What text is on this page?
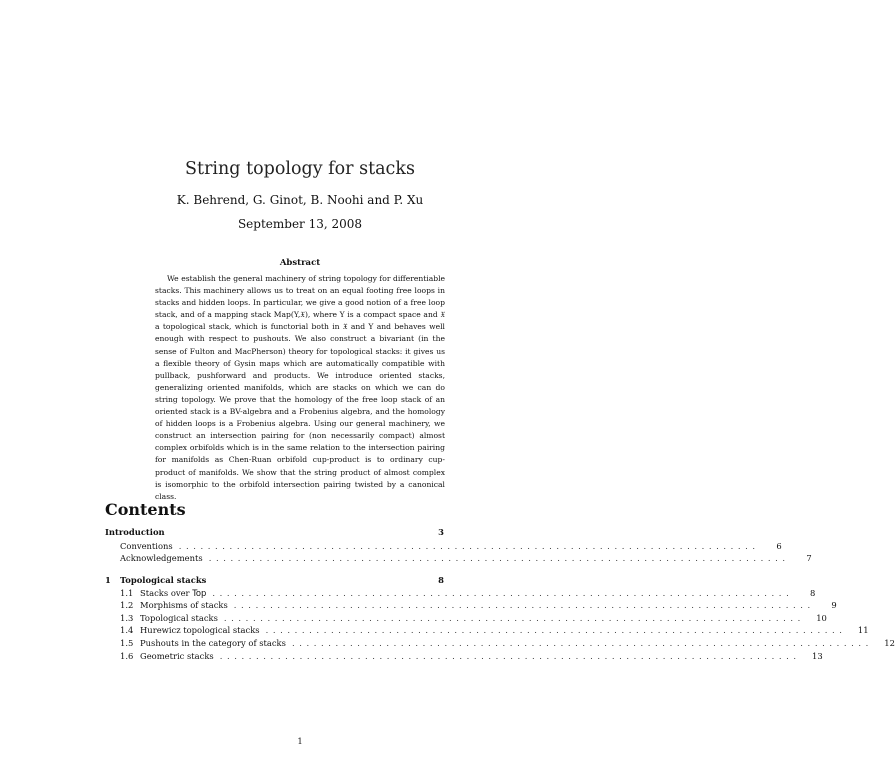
String topology for stacks
K. Behrend, G. Ginot, B. Noohi and P. Xu
September 13, 2008
Abstract

We establish the general machinery of string topology for differentiable stacks. This machinery allows us to treat on an equal footing free loops in stacks and hidden loops. In particular, we give a good notion of a free loop stack, and of a mapping stack Map(Y,𝔛), where Y is a compact space and 𝔛 a topological stack, which is functorial both in 𝔛 and Y and behaves well enough with respect to pushouts. We also construct a bivariant (in the sense of Fulton and MacPherson) theory for topological stacks: it gives us a flexible theory of Gysin maps which are automatically compatible with pullback, pushforward and products. We introduce oriented stacks, generalizing oriented manifolds, which are stacks on which we can do string topology. We prove that the homology of the free loop stack of an oriented stack is a BV-algebra and a Frobenius algebra, and the homology of hidden loops is a Frobenius algebra. Using our general machinery, we construct an intersection pairing for (non necessarily compact) almost complex orbifolds which is in the same relation to the intersection pairing for manifolds as Chen-Ruan orbifold cup-product is to ordinary cup-product of manifolds. We show that the string product of almost complex is isomorphic to the orbifold intersection pairing twisted by a canonical class.

Contents
Introduction	3
Conventions ................................................................................	6
Acknowledgements ................................................................................	7
1	Topological stacks	8
1.1 Stacks over Top ................................................................................	8
1.2 Morphisms of stacks ................................................................................	9
1.3 Topological stacks ................................................................................	10
1.4 Hurewicz topological stacks ................................................................................	11
1.5 Pushouts in the category of stacks ................................................................................	12
1.6 Geometric stacks ................................................................................	13
1
